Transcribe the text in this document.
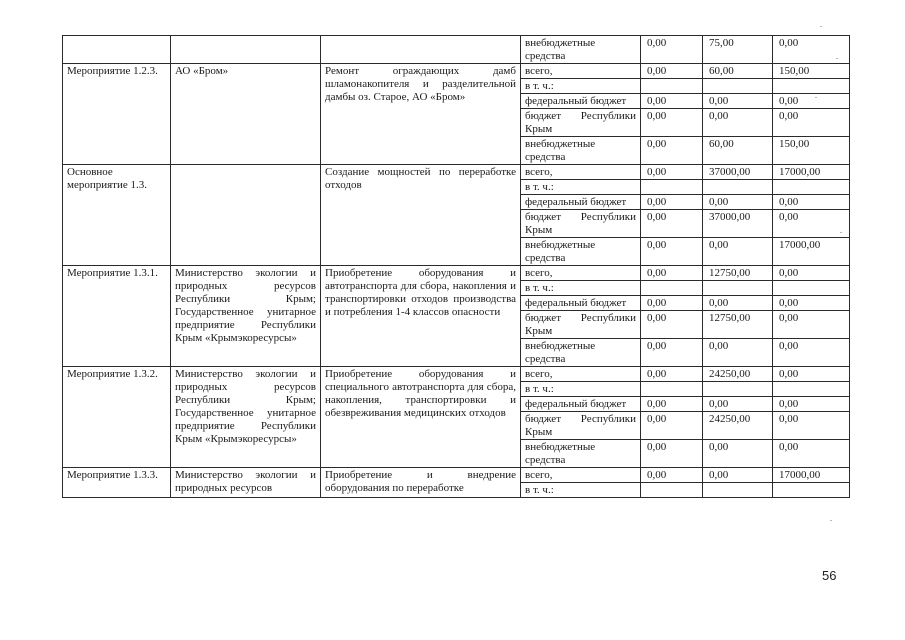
			внебюджетные средства	0,00	75,00	0,00
Мероприятие 1.2.3.	АО «Бром»	Ремонт ограждающих дамб шламонакопителя и разделительной дамбы оз. Старое, АО «Бром»	всего,	0,00	60,00	150,00
			в т. ч.:			
			федеральный бюджет	0,00	0,00	0,00
			бюджет Республики Крым	0,00	0,00	0,00
			внебюджетные средства	0,00	60,00	150,00
Основное мероприятие 1.3.		Создание мощностей по переработке отходов	всего,	0,00	37000,00	17000,00
			в т. ч.:			
			федеральный бюджет	0,00	0,00	0,00
			бюджет Республики Крым	0,00	37000,00	0,00
			внебюджетные средства	0,00	0,00	17000,00
Мероприятие 1.3.1.	Министерство экологии и природных ресурсов Республики Крым; Государственное унитарное предприятие Республики Крым «Крымэкоресурсы»	Приобретение оборудования и автотранспорта для сбора, накопления и транспортировки отходов производства и потребления 1-4 классов опасности	всего,	0,00	12750,00	0,00
			в т. ч.:			
			федеральный бюджет	0,00	0,00	0,00
			бюджет Республики Крым	0,00	12750,00	0,00
			внебюджетные средства	0,00	0,00	0,00
Мероприятие 1.3.2.	Министерство экологии и природных ресурсов Республики Крым; Государственное унитарное предприятие Республики Крым «Крымэкоресурсы»	Приобретение оборудования и специального автотранспорта для сбора, накопления, транспортировки и обезвреживания медицинских отходов	всего,	0,00	24250,00	0,00
			в т. ч.:			
			федеральный бюджет	0,00	0,00	0,00
			бюджет Республики Крым	0,00	24250,00	0,00
			внебюджетные средства	0,00	0,00	0,00
Мероприятие 1.3.3.	Министерство экологии и природных ресурсов	Приобретение и внедрение оборудования по переработке	всего,	0,00	0,00	17000,00
			в т. ч.:			
56
